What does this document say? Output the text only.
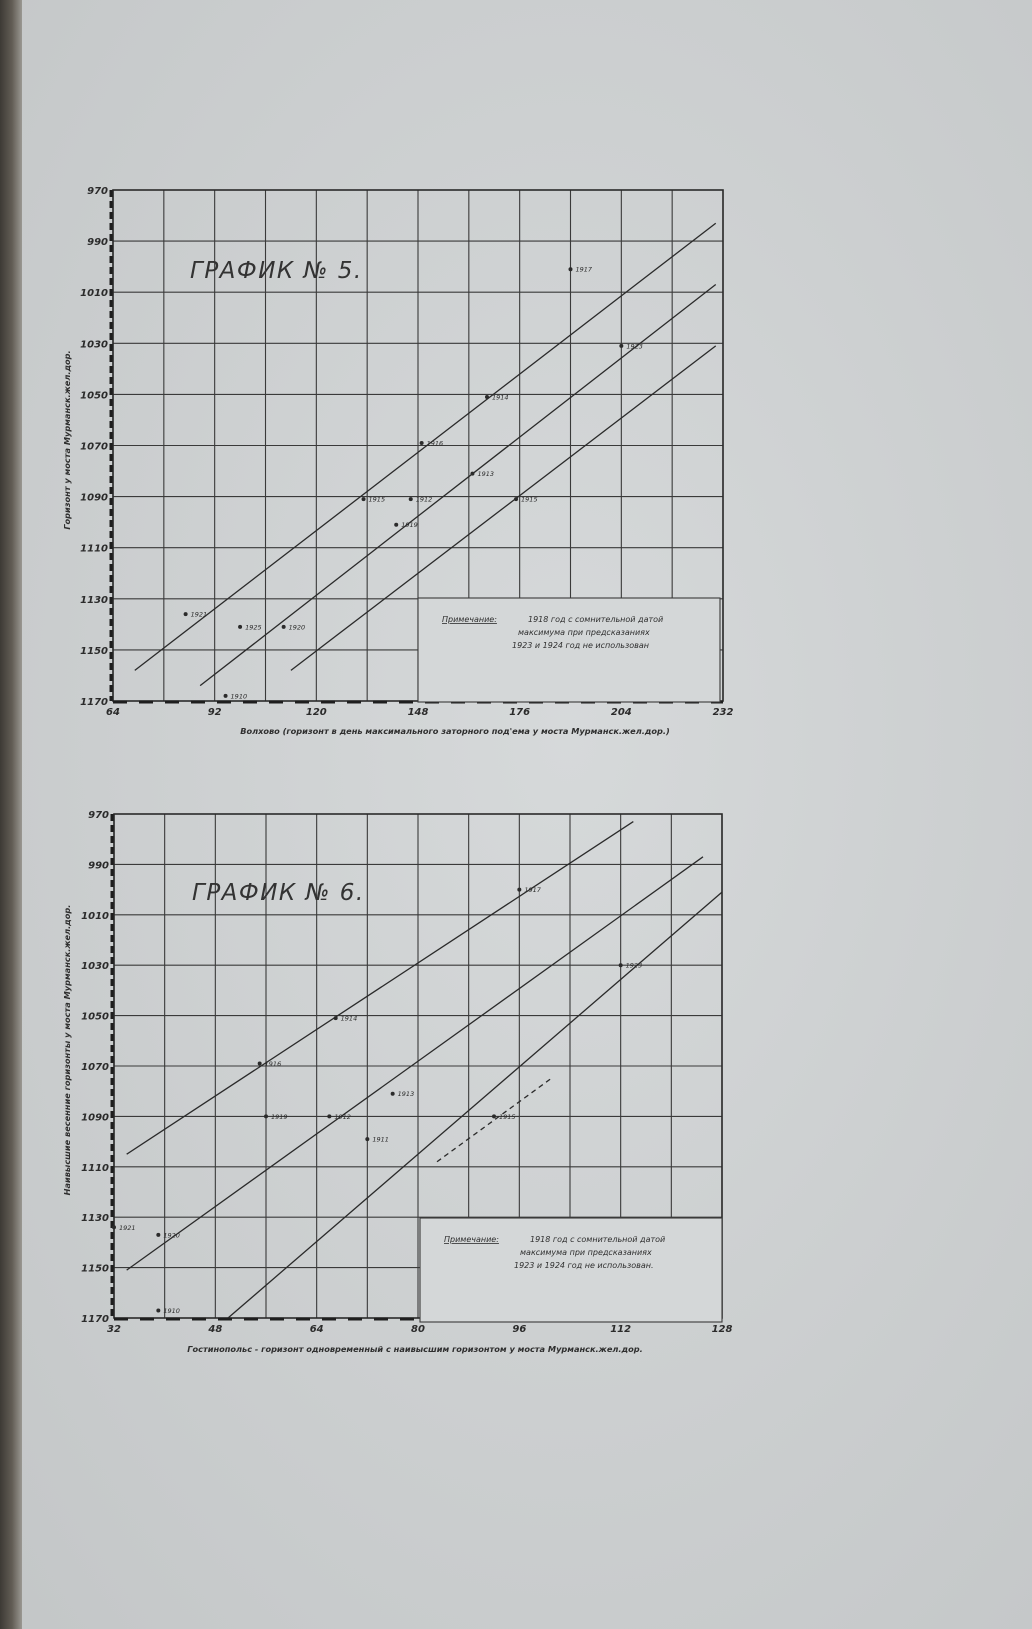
1917
1923
1914
1916
1913
1915	1912	1915
1919
1921
1925	1920
1910
64	92	120	148	176	204	232
970
990
1010
1030
1050
1070
1090
1110
1130
1150
1170
ГРАФИК № 5.
Примечание:	1918 год с сомнительной датой
максимума при предсказаниях
1923 и 1924 год не использован
Волхово (горизонт в день максимального заторного под'ема у моста Мурманск.жел.дор.)
Горизонт у моста Мурманск.жел.дор.
1917
1923
1914
1916
1913
1919	1912	1915
1911
1921
1920
1910
32	48	64	80	96	112	128
970
990
1010
1030
1050
1070
1090
1110
1130
1150
1170
ГРАФИК № 6.
Примечание:	1918 год с сомнительной датой
максимума при предсказаниях
1923 и 1924 год не использован.
Гостинопольс - горизонт одновременный с наивысшим горизонтом у моста Мурманск.жел.дор.
Наивысшие весенние горизонты у моста Мурманск.жел.дор.
